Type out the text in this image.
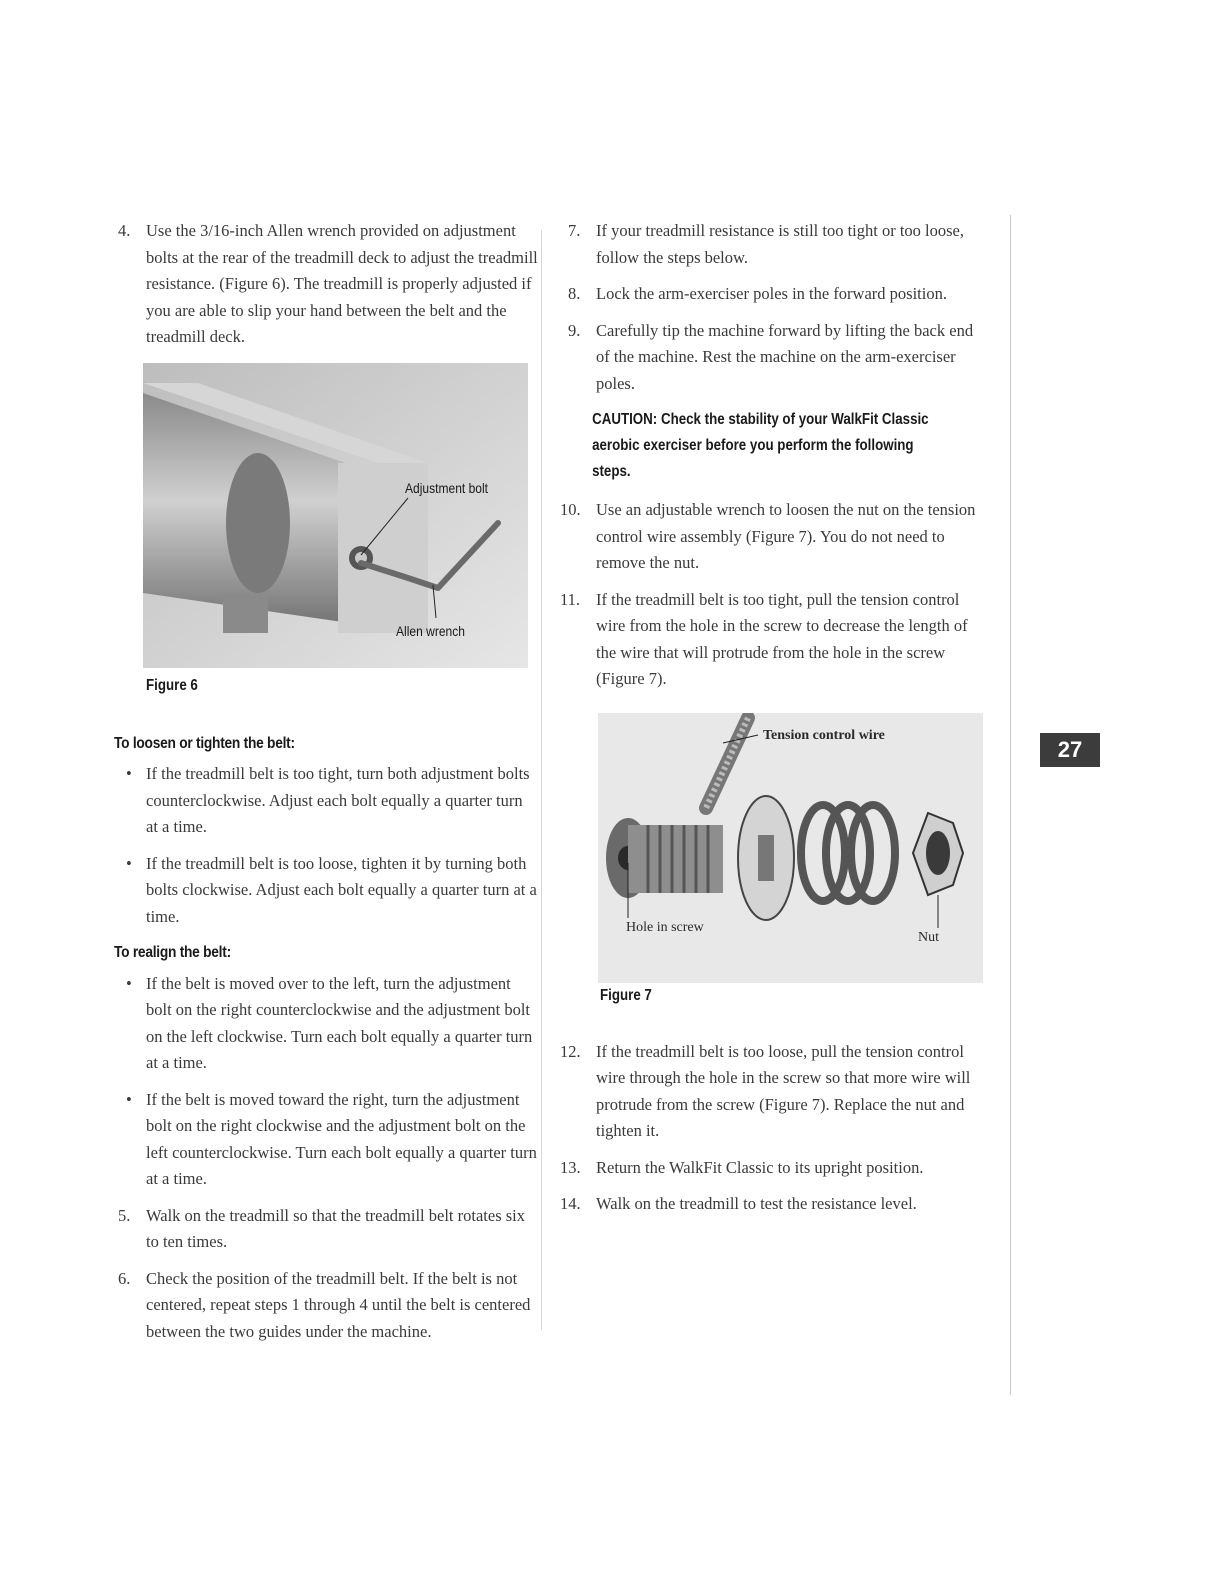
4. Use the 3/16-inch Allen wrench provided on adjustment bolts at the rear of the treadmill deck to adjust the treadmill resistance. (Figure 6). The treadmill is properly adjusted if you are able to slip your hand between the belt and the treadmill deck.
Adjustment bolt
Allen wrench
Figure 6
To loosen or tighten the belt:
• If the treadmill belt is too tight, turn both adjustment bolts counterclockwise. Adjust each bolt equally a quarter turn at a time.
• If the treadmill belt is too loose, tighten it by turning both bolts clockwise. Adjust each bolt equally a quarter turn at a time.
To realign the belt:
• If the belt is moved over to the left, turn the adjustment bolt on the right counterclockwise and the adjustment bolt on the left clockwise. Turn each bolt equally a quarter turn at a time.
• If the belt is moved toward the right, turn the adjustment bolt on the right clockwise and the adjustment bolt on the left counterclockwise. Turn each bolt equally a quarter turn at a time.
5. Walk on the treadmill so that the treadmill belt rotates six to ten times.
6. Check the position of the treadmill belt. If the belt is not centered, repeat steps 1 through 4 until the belt is centered between the two guides under the machine.
7. If your treadmill resistance is still too tight or too loose, follow the steps below.
8. Lock the arm-exerciser poles in the forward position.
9. Carefully tip the machine forward by lifting the back end of the machine. Rest the machine on the arm-exerciser poles.
CAUTION: Check the stability of your WalkFit Classic aerobic exerciser before you perform the following steps.
10. Use an adjustable wrench to loosen the nut on the tension control wire assembly (Figure 7). You do not need to remove the nut.
11. If the treadmill belt is too tight, pull the tension control wire from the hole in the screw to decrease the length of the wire that will protrude from the hole in the screw (Figure 7).
Tension control wire
Hole in screw
Nut
Figure 7
12. If the treadmill belt is too loose, pull the tension control wire through the hole in the screw so that more wire will protrude from the screw (Figure 7). Replace the nut and tighten it.
13. Return the WalkFit Classic to its upright position.
14. Walk on the treadmill to test the resistance level.
27
